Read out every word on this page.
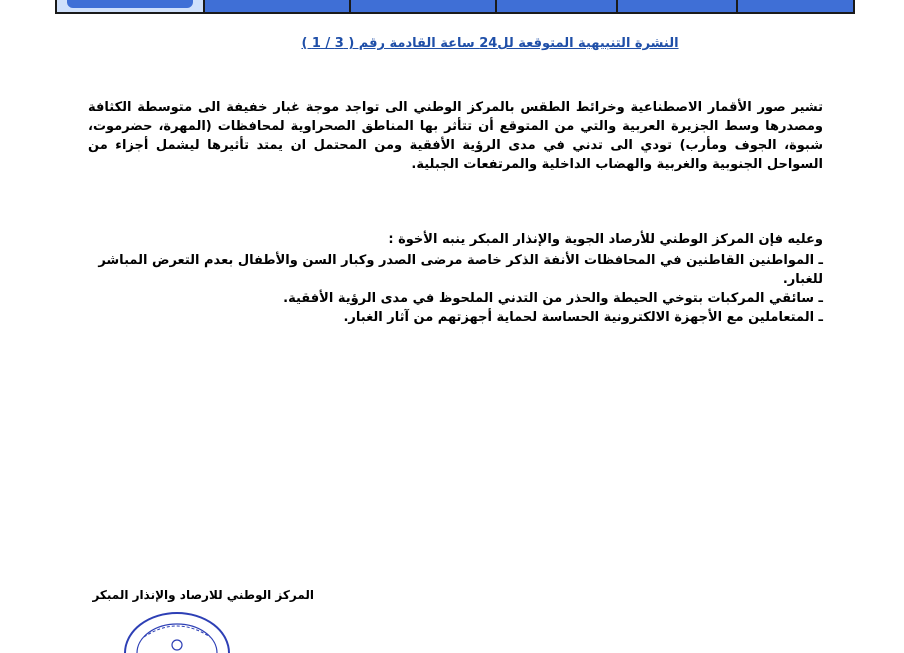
النشرة التنبيهية المتوقعة لل24 ساعة القادمة رقم ( 3 / 1 )

تشير صور الأقمار الاصطناعية وخرائط الطقس بالمركز الوطني الى تواجد موجة غبار خفيفة الى متوسطة الكثافة ومصدرها وسط الجزيرة العربية والتي من المتوقع أن تتأثر بها المناطق الصحراوية لمحافظات (المهرة، حضرموت، شبوة، الجوف ومأرب) تودي الى تدني في مدى الرؤية الأفقية ومن المحتمل ان يمتد تأثيرها ليشمل أجزاء من السواحل الجنوبية والغربية والهضاب الداخلية والمرتفعات الجبلية.

وعليه فإن المركز الوطني للأرصاد الجوية والإنذار المبكر ينبه الأخوة :
ـ المواطنين القاطنين في المحافظات الأنفة الذكر خاصة مرضى الصدر وكبار السن والأطفال بعدم التعرض المباشر للغبار.
ـ سائقي المركبات بتوخي الحيطة والحذر من التدني الملحوظ في مدى الرؤية الأفقية.
ـ المتعاملين مع الأجهزة الالكترونية الحساسة لحماية أجهزتهم من آثار الغبار.
المركز الوطني للارصاد والإنذار المبكر
